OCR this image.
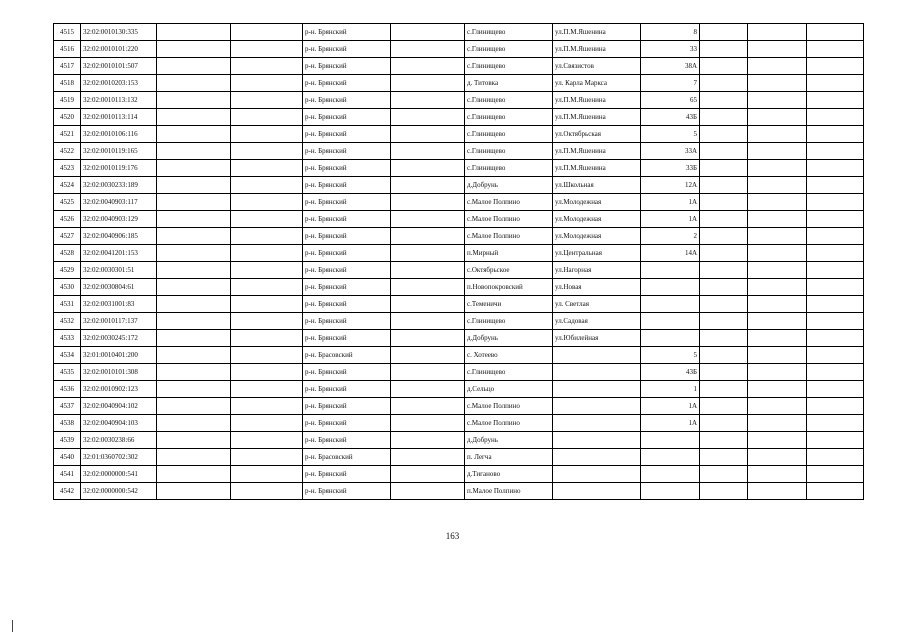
4515	32:02:0010130:335			р-н. Брянский		с.Глинищево	ул.П.М.Яшенина	8			
4516	32:02:0010101:220			р-н. Брянский		с.Глинищево	ул.П.М.Яшенина	33			
4517	32:02:0010101:507			р-н. Брянский		с.Глинищево	ул.Связистов	38А			
4518	32:02:0010203:153			р-н. Брянский		д. Титовка	ул. Карла Маркса	7			
4519	32:02:0010113:132			р-н. Брянский		с.Глинищево	ул.П.М.Яшенина	65			
4520	32:02:0010113:114			р-н. Брянский		с.Глинищево	ул.П.М.Яшенина	43Б			
4521	32:02:0010106:116			р-н. Брянский		с.Глинищево	ул.Октябрьская	5			
4522	32:02:0010119:165			р-н. Брянский		с.Глинищево	ул.П.М.Яшенина	33А			
4523	32:02:0010119:176			р-н. Брянский		с.Глинищево	ул.П.М.Яшенина	33Б			
4524	32:02:0030233:189			р-н. Брянский		д.Добрунь	ул.Школьная	12А			
4525	32:02:0040903:117			р-н. Брянский		с.Малое Полпино	ул.Молодежная	1А			
4526	32:02:0040903:129			р-н. Брянский		с.Малое Полпино	ул.Молодежная	1А			
4527	32:02:0040906:185			р-н. Брянский		с.Малое Полпино	ул.Молодежная	2			
4528	32:02:0041201:153			р-н. Брянский		п.Мирный	ул.Центральная	14А			
4529	32:02:0030301:51			р-н. Брянский		с.Октябрьское	ул.Нагорная				
4530	32:02:0030804:61			р-н. Брянский		п.Новопокровский	ул.Новая				
4531	32:02:0031001:83			р-н. Брянский		с.Теменичи	ул. Светлая				
4532	32:02:0010117:137			р-н. Брянский		с.Глинищево	ул.Садовая				
4533	32:02:0030245:172			р-н. Брянский		д.Добрунь	ул.Юбилейная				
4534	32:01:0010401:200			р-н. Брасовский		с. Хотеево		5			
4535	32:02:0010101:308			р-н. Брянский		с.Глинищево		43Б			
4536	32:02:0010902:123			р-н. Брянский		д.Сельцо		1			
4537	32:02:0040904:102			р-н. Брянский		с.Малое Полпино		1А			
4538	32:02:0040904:103			р-н. Брянский		с.Малое Полпино		1А			
4539	32:02:0030238:66			р-н. Брянский		д.Добрунь					
4540	32:01:0360702:302			р-н. Брасовский		п. Легча					
4541	32:02:0000000:541			р-н. Брянский		д.Тиганово					
4542	32:02:0000000:542			р-н. Брянский		п.Малое Полпино					
163
